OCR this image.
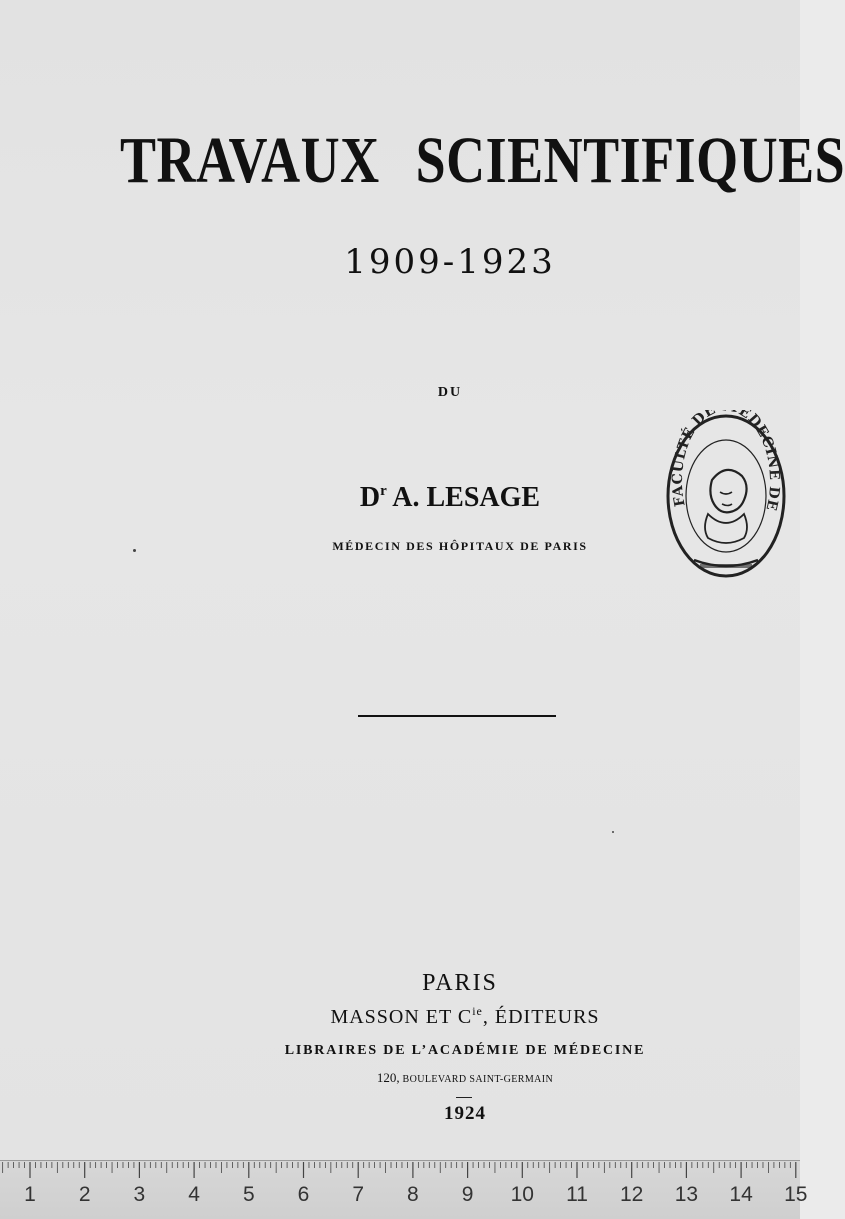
TRAVAUX SCIENTIFIQUES
1909-1923
DU
$D^r$ A. LESAGE
MÉDECIN DES HÔPITAUX DE PARIS
PARIS
MASSON ET $C^{ie}$, ÉDITEURS
LIBRAIRES DE L’ACADÉMIE DE MÉDECINE
120, BOULEVARD SAINT-GERMAIN
1924
FACULTÉ DE ÉDECINE DE
1 2 3 4 5 6 7 8 9 10 11 12 13 14 15
